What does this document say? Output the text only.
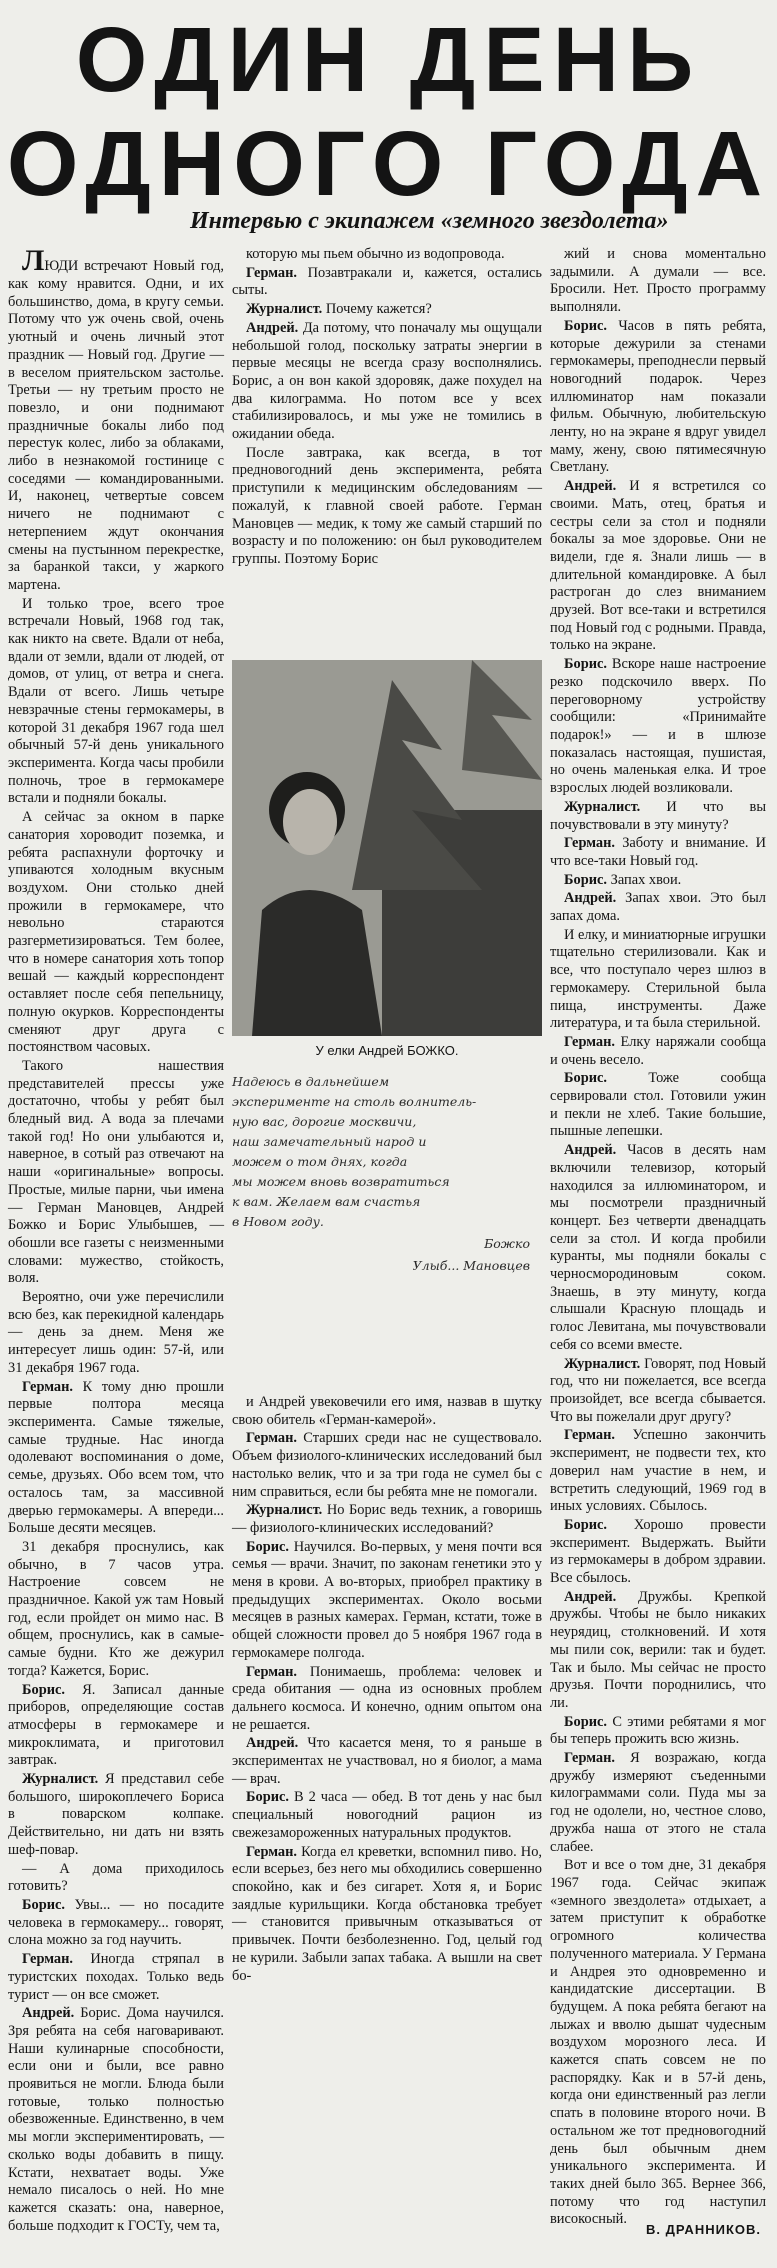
ОДИН ДЕНЬ
ОДНОГО ГОДА
Интервью с экипажем «земного звездолета»

ЛЮДИ встречают Новый год, как кому нравится. Одни, и их большинство, дома, в кругу семьи. Потому что уж очень свой, очень уютный и очень личный этот праздник — Новый год. Другие — в веселом приятельском застолье. Третьи — ну третьим просто не повезло, и они поднимают праздничные бокалы либо под перестук колес, либо за облаками, либо в незнакомой гостинице с соседями — командированными. И, наконец, четвертые совсем ничего не поднимают с нетерпением ждут окончания смены на пустынном перекрестке, за баранкой такси, у жаркого мартена.

И только трое, всего трое встречали Новый, 1968 год так, как никто на свете. Вдали от неба, вдали от земли, вдали от людей, от домов, от улиц, от ветра и снега. Вдали от всего. Лишь четыре невзрачные стены гермокамеры, в которой 31 декабря 1967 года шел обычный 57-й день уникального эксперимента. Когда часы пробили полночь, трое в гермокамере встали и подняли бокалы.

А сейчас за окном в парке санатория хороводит поземка, и ребята распахнули форточку и упиваются холодным вкусным воздухом. Они столько дней прожили в гермокамере, что невольно стараются разгерметизироваться. Тем более, что в номере санатория хоть топор вешай — каждый корреспондент оставляет после себя пепельницу, полную окурков. Корреспонденты сменяют друг друга с постоянством часовых.

Такого нашествия представителей прессы уже достаточно, чтобы у ребят был бледный вид. А вода за плечами такой год! Но они улыбаются и, наверное, в сотый раз отвечают на наши «оригинальные» вопросы. Простые, милые парни, чьи имена — Герман Мановцев, Андрей Божко и Борис Улыбышев, — обошли все газеты с неизменными словами: мужество, стойкость, воля.

Вероятно, очи уже перечислили всю без, как перекидной календарь — день за днем. Меня же интересует лишь один: 57-й, или 31 декабря 1967 года.

Герман. К тому дню прошли первые полтора месяца эксперимента. Самые тяжелые, самые трудные. Нас иногда одолевают воспоминания о доме, семье, друзьях. Обо всем том, что осталось там, за массивной дверью гермокамеры. А впереди... Больше десяти месяцев.

31 декабря проснулись, как обычно, в 7 часов утра. Настроение совсем не праздничное. Какой уж там Новый год, если пройдет он мимо нас. В общем, проснулись, как в самые-самые будни. Кто же дежурил тогда? Кажется, Борис.

Борис. Я. Записал данные приборов, определяющие состав атмосферы в гермокамере и микроклимата, и приготовил завтрак.

Журналист. Я представил себе большого, широкоплечего Бориса в поварском колпаке. Действительно, ни дать ни взять шеф-повар.

— А дома приходилось готовить?

Борис. Увы... — но посадите человека в гермокамеру... говорят, слона можно за год научить.

Герман. Иногда стряпал в туристских походах. Только ведь турист — он все сможет.

Андрей. Борис. Дома научился. Зря ребята на себя наговаривают. Наши кулинарные способности, если они и были, все равно проявиться не могли. Блюда были готовые, только полностью обезвоженные. Единственно, в чем мы могли экспериментировать, —сколько воды добавить в пищу. Кстати, нехватает воды. Уже немало писалось о ней. Но мне кажется сказать: она, наверное, больше подходит к ГОСТу, чем та,

которую мы пьем обычно из водопровода.

Герман. Позавтракали и, кажется, остались сыты.

Журналист. Почему кажется?

Андрей. Да потому, что поначалу мы ощущали небольшой голод, поскольку затраты энергии в первые месяцы не всегда сразу восполнялись. Борис, а он вон какой здоровяк, даже похудел на два килограмма. Но потом все у всех стабилизировалось, и мы уже не томились в ожидании обеда.

После завтрака, как всегда, в тот предновогодний день эксперимента, ребята приступили к медицинским обследованиям — пожалуй, к главной своей работе. Герман Мановцев — медик, к тому же самый старший по возрасту и по положению: он был руководителем группы. Поэтому Борис

У елки Андрей БОЖКО.
Надеюсь в дальнейшем
эксперименте на столь волнитель-
ную вас, дорогие москвичи,
наш замечательный народ и
можем о том днях, когда
мы можем вновь возвратиться
к вам. Желаем вам счастья
в Новом году.
Божко
Улыб... Мановцев

и Андрей увековечили его имя, назвав в шутку свою обитель «Герман-камерой».

Герман. Старших среди нас не существовало. Объем физиолого-клинических исследований был настолько велик, что и за три года не сумел бы с ним справиться, если бы ребята мне не помогали.

Журналист. Но Борис ведь техник, а говоришь — физиолого-клинических исследований?

Борис. Научился. Во-первых, у меня почти вся семья — врачи. Значит, по законам генетики это у меня в крови. А во-вторых, приобрел практику в предыдущих экспериментах. Около восьми месяцев в разных камерах. Герман, кстати, тоже в общей сложности провел до 5 ноября 1967 года в гермокамере полгода.

Герман. Понимаешь, проблема: человек и среда обитания — одна из основных проблем дальнего космоса. И конечно, одним опытом она не решается.

Андрей. Что касается меня, то я раньше в экспериментах не участвовал, но я биолог, а мама — врач.

Борис. В 2 часа — обед. В тот день у нас был специальный новогодний рацион из свежезамороженных натуральных продуктов.

Герман. Когда ел креветки, вспомнил пиво. Но, если всерьез, без него мы обходились совершенно спокойно, как и без сигарет. Хотя я, и Борис заядлые курильщики. Когда обстановка требует — становится привычным отказываться от привычек. Почти безболезненно. Год, целый год не курили. Забыли запах табака. А вышли на свет бо-

жий и снова моментально задымили. А думали — все. Бросили. Нет. Просто программу выполняли.

Борис. Часов в пять ребята, которые дежурили за стенами гермокамеры, преподнесли первый новогодний подарок. Через иллюминатор нам показали фильм. Обычную, любительскую ленту, но на экране я вдруг увидел маму, жену, свою пятимесячную Светлану.

Андрей. И я встретился со своими. Мать, отец, братья и сестры сели за стол и подняли бокалы за мое здоровье. Они не видели, где я. Знали лишь — в длительной командировке. А был растроган до слез вниманием друзей. Вот все-таки и встретился под Новый год с родными. Правда, только на экране.

Борис. Вскоре наше настроение резко подскочило вверх. По переговорному устройству сообщили: «Принимайте подарок!» — и в шлюзе показалась настоящая, пушистая, но очень маленькая елка. И трое взрослых людей возликовали.

Журналист. И что вы почувствовали в эту минуту?

Герман. Заботу и внимание. И что все-таки Новый год.

Борис. Запах хвои.

Андрей. Запах хвои. Это был запах дома.

И елку, и миниатюрные игрушки тщательно стерилизовали. Как и все, что поступало через шлюз в гермокамеру. Стерильной была пища, инструменты. Даже литература, и та была стерильной.

Герман. Елку наряжали сообща и очень весело.

Борис.	Тоже сообща сервировали стол. Готовили ужин и пекли не хлеб. Такие большие, пышные лепешки.

Андрей. Часов в десять нам включили телевизор, который находился за иллюминатором, и мы посмотрели праздничный концерт. Без четверти двенадцать сели за стол. И когда пробили куранты, мы подняли бокалы с черносмородиновым соком. Знаешь, в эту минуту, когда слышали Красную площадь и голос Левитана, мы почувствовали себя со всеми вместе.

Журналист. Говорят, под Новый год, что ни пожелается, все всегда произойдет, все всегда сбывается. Что вы пожелали друг другу?

Герман. Успешно закончить эксперимент, не подвести тех, кто доверил нам участие в нем, и встретить следующий, 1969 год в иных условиях. Сбылось.

Борис. Хорошо провести эксперимент. Выдержать. Выйти из гермокамеры в добром здравии. Все сбылось.

Андрей. Дружбы. Крепкой дружбы. Чтобы не было никаких неурядиц, столкновений. И хотя мы пили сок, верили: так и будет. Так и было. Мы сейчас не просто друзья. Почти породнились, что ли.

Борис. С этими ребятами я мог бы теперь прожить всю жизнь.

Герман. Я возражаю, когда дружбу измеряют съеденными килограммами соли. Пуда мы за год не одолели, но, честное слово, дружба наша от этого не стала слабее.

Вот и все о том дне, 31 декабря 1967 года. Сейчас экипаж «земного звездолета» отдыхает, а затем приступит к обработке огромного количества полученного материала. У Германа и Андрея это одновременно и кандидатские диссертации. В будущем. А пока ребята бегают на лыжах и вволю дышат чудесным воздухом морозного леса. И кажется спать совсем не по распорядку. Как и в 57-й день, когда они единственный раз легли спать в половине второго ночи. В остальном же тот предновогодний день был обычным днем уникального эксперимента. И таких дней было 365. Вернее 366, потому что год наступил високосный.

В. ДРАННИКОВ.
